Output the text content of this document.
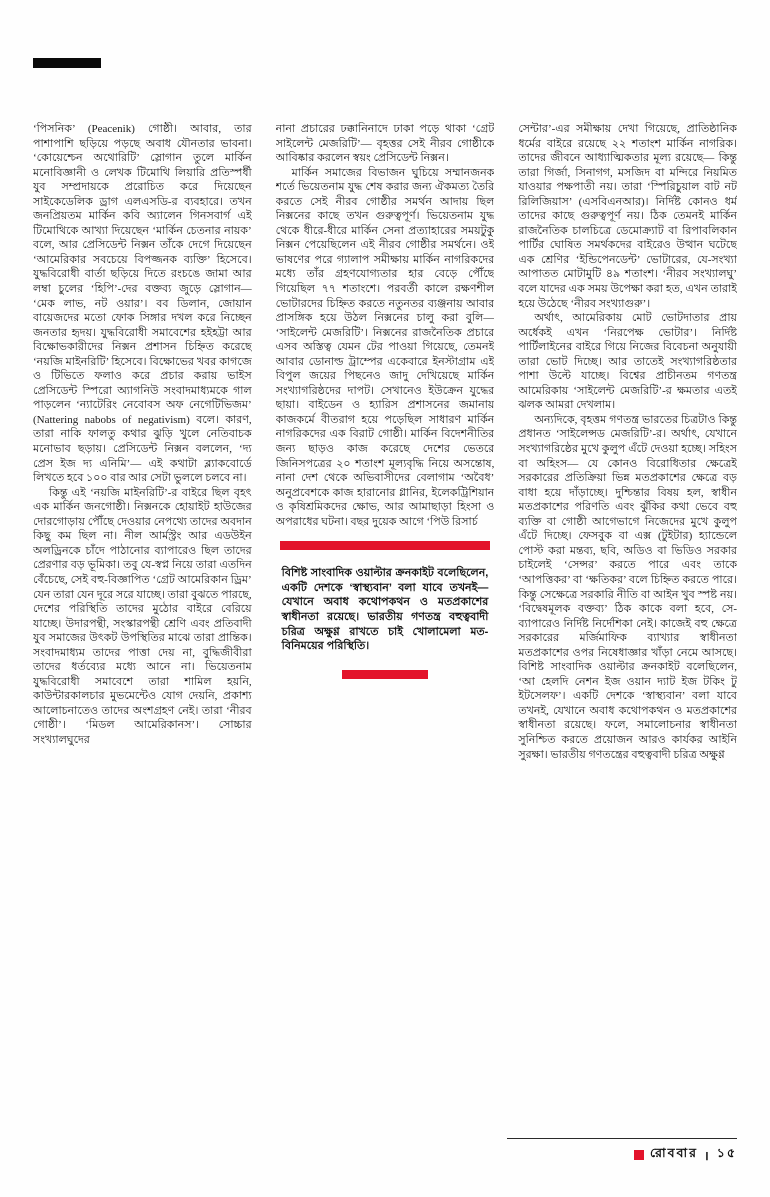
‘পিসনিক’ (Peacenik) গোষ্ঠী। আবার, তার পাশাপাশি ছড়িয়ে পড়ছে অবাধ যৌনতার ভাবনা। ‘কোয়েশ্চেন অথোরিটি’ স্লোগান তুলে মার্কিন মনোবিজ্ঞানী ও লেখক টিমোথি লিয়ারি প্রতিস্পর্ধী যুব সম্প্রদায়কে প্ররোচিত করে দিয়েছেন সাইকেডেলিক ড্রাগ এলএসডি-র ব্যবহারে। তখন জনপ্রিয়তম মার্কিন কবি অ্যালেন গিনসবার্গ এই টিমোথিকে আখ্যা দিয়েছেন ‘মার্কিন চেতনার নায়ক’ বলে, আর প্রেসিডেন্ট নিক্সন তাঁকে দেগে দিয়েছেন ‘আমেরিকার সবচেয়ে বিপজ্জনক ব্যক্তি’ হিসেবে। যুদ্ধবিরোধী বার্তা ছড়িয়ে দিতে রংচঙে জামা আর লম্বা চুলের ‘হিপি’-দের বক্তব্য জুড়ে স্লোগান— ‘মেক লাভ, নট ওয়ার’। বব ডিলান, জোয়ান বায়েজদের মতো ফোক সিঙ্গার দখল করে নিচ্ছেন জনতার হৃদয়। যুদ্ধবিরোধী সমাবেশের হইহট্টা আর বিক্ষোভকারীদের নিক্সন প্রশাসন চিহ্নিত করেছে ‘নয়জি মাইনরিটি’ হিসেবে। বিক্ষোভের খবর কাগজে ও টিভিতে ফলাও করে প্রচার করায় ভাইস প্রেসিডেন্ট স্পিরো অ্যাগনিউ সংবাদমাধ্যমকে গাল পাড়লেন ‘ন্যাটেরিং নেবোবস অফ নেগেটিভিজম’ (Nattering nabobs of negativism) বলে। কারণ, তারা নাকি ফালতু কথার ঝুড়ি খুলে নেতিবাচক মনোভাব ছড়ায়। প্রেসিডেন্ট নিক্সন বললেন, ‘দ্য প্রেস ইজ দ্য এনিমি’— এই কথাটা ব্ল্যাকবোর্ডে লিখতে হবে ১০০ বার আর সেটা ভুললে চলবে না।

কিন্তু এই ‘নয়জি মাইনরিটি’-র বাইরে ছিল বৃহৎ এক মার্কিন জনগোষ্ঠী। নিক্সনকে হোয়াইট হাউজের দোরগোড়ায় পৌঁছে দেওয়ার নেপথ্যে তাদের অবদান কিছু কম ছিল না। নীল আর্মস্ট্রং আর এডউইন অলড্রিনকে চাঁদে পাঠানোর ব্যাপারেও ছিল তাদের প্রেরণার বড় ভূমিকা। তবু যে-স্বপ্ন নিয়ে তারা এতদিন বেঁচেছে, সেই বহু-বিজ্ঞাপিত ‘গ্রেট আমেরিকান ড্রিম’ যেন তারা যেন দূরে সরে যাচ্ছে। তারা বুঝতে পারছে, দেশের পরিস্থিতি তাদের মুঠোর বাইরে বেরিয়ে যাচ্ছে। উদারপন্থী, সংস্কারপন্থী শ্রেণি এবং প্রতিবাদী যুব সমাজের উৎকট উপস্থিতির মাঝে তারা প্রান্তিক। সংবাদমাধ্যম তাদের পাত্তা দেয় না, বুদ্ধিজীবীরা তাদের ধর্তব্যের মধ্যে আনে না। ভিয়েতনাম যুদ্ধবিরোধী সমাবেশে তারা শামিল হয়নি, কাউন্টারকালচার মুভমেন্টেও যোগ দেয়নি, প্রকাশ্য আলোচনাতেও তাদের অংশগ্রহণ নেই। তারা ‘নীরব গোষ্ঠী’। ‘মিডল আমেরিকানস’। সোচ্চার সংখ্যালঘুদের

নানা প্রচারের ঢক্কানিনাদে ঢাকা পড়ে থাকা ‘গ্রেট সাইলেন্ট মেজরিটি’— বৃহত্তর সেই নীরব গোষ্ঠীকে আবিষ্কার করলেন স্বয়ং প্রেসিডেন্ট নিক্সন।

মার্কিন সমাজের বিভাজন ঘুচিয়ে সম্মানজনক শর্তে ভিয়েতনাম যুদ্ধ শেষ করার জন্য ঐকমত্য তৈরি করতে সেই নীরব গোষ্ঠীর সমর্থন আদায় ছিল নিক্সনের কাছে তখন গুরুত্বপূর্ণ। ভিয়েতনাম যুদ্ধ থেকে ধীরে-ধীরে মার্কিন সেনা প্রত্যাহারের সময়টুকু নিক্সন পেয়েছিলেন এই নীরব গোষ্ঠীর সমর্থনে। ওই ভাষণের পরে গ্যালাপ সমীক্ষায় মার্কিন নাগরিকদের মধ্যে তাঁর গ্রহণযোগ্যতার হার বেড়ে পৌঁছে গিয়েছিল ৭৭ শতাংশে। পরবর্তী কালে রক্ষণশীল ভোটারদের চিহ্নিত করতে নতুনতর ব্যঞ্জনায় আবার প্রাসঙ্গিক হয়ে উঠল নিক্সনের চালু করা বুলি— ‘সাইলেন্ট মেজরিটি’। নিক্সনের রাজনৈতিক প্রচারে এসব অস্তিত্ব যেমন টের পাওয়া গিয়েছে, তেমনই আবার ডোনাল্ড ট্রাম্পের একেবারে ইনস্টাগ্রাম এই বিপুল জয়ের পিছনেও জাদু দেখিয়েছে মার্কিন সংখ্যাগরিষ্ঠদের দাপট। সেখানেও ইউক্রেন যুদ্ধের ছায়া। বাইডেন ও হ্যারিস প্রশাসনের জমানায় কাজকর্মে বীতরাগ হয়ে পড়েছিল সাধারণ মার্কিন নাগরিকদের এক বিরাট গোষ্ঠী। মার্কিন বিদেশনীতির জন্য ছাড়ও কাজ করেছে দেশের ভেতরে জিনিসপত্রের ২০ শতাংশ মূল্যবৃদ্ধি নিয়ে অসন্তোষ, নানা দেশ থেকে অভিবাসীদের বেলাগাম ‘অবৈধ’ অনুপ্রবেশকে কাজ হারানোর গ্লানির, ইলেকট্রিশিয়ান ও কৃষিশ্রমিকদের ক্ষোভ, আর আমাছাড়া হিংসা ও অপরাধের ঘটনা। বছর দুয়েক আগে ‘পিউ রিসার্চ

বিশিষ্ট সাংবাদিক ওয়াল্টার ক্রনকাইট বলেছিলেন, একটি দেশকে ‘স্বাস্থ্যবান’ বলা যাবে তখনই— যেখানে অবাধ কথোপকথন ও মতপ্রকাশের স্বাধীনতা রয়েছে। ভারতীয় গণতন্ত্র বহুত্ববাদী চরিত্র অক্ষুণ্ণ রাখতে চাই খোলামেলা মত-বিনিময়ের পরিস্থিতি।

সেন্টার’-এর সমীক্ষায় দেখা গিয়েছে, প্রাতিষ্ঠানিক ধর্মের বাইরে রয়েছে ২২ শতাংশ মার্কিন নাগরিক। তাদের জীবনে আধ্যাত্মিকতার মূল্য রয়েছে— কিন্তু তারা গির্জা, সিনাগগ, মসজিদ বা মন্দিরে নিয়মিত যাওয়ার পক্ষপাতী নয়। তারা ‘স্পিরিচুয়াল বাট নট রিলিজিয়াস’ (এসবিএনআর)। নির্দিষ্ট কোনও ধর্ম তাদের কাছে গুরুত্বপূর্ণ নয়। ঠিক তেমনই মার্কিন রাজনৈতিক চালচিত্রে ডেমোক্র্যাট বা রিপাবলিকান পার্টির ঘোষিত সমর্থকদের বাইরেও উত্থান ঘটেছে এক শ্রেণির ‘ইন্ডিপেনডেন্ট’ ভোটারের, যে-সংখ্যা আপাতত মোটামুটি ৪৯ শতাংশ। ‘নীরব সংখ্যালঘু’ বলে যাদের এক সময় উপেক্ষা করা হত, এখন তারাই হয়ে উঠেছে ‘নীরব সংখ্যাগুরু’।

অর্থাৎ, আমেরিকায় মোট ভোটদাতার প্রায় অর্ধেকই এখন ‘নিরপেক্ষ ভোটার’। নির্দিষ্ট পার্টিলাইনের বাইরে গিয়ে নিজের বিবেচনা অনুযায়ী তারা ভোট দিচ্ছে। আর তাতেই সংখ্যাগরিষ্ঠতার পাশা উল্টে যাচ্ছে। বিশ্বের প্রাচীনতম গণতন্ত্র আমেরিকায় ‘সাইলেন্ট মেজরিটি’-র ক্ষমতার এতই ঝলক আমরা দেখলাম।

অন্যদিকে, বৃহত্তম গণতন্ত্র ভারতের চিত্রটাও কিন্তু প্রধানত ‘সাইলেন্সড মেজরিটি’-র। অর্থাৎ, যেখানে সংখ্যাগরিষ্ঠের মুখে কুলুপ এঁটে দেওয়া হচ্ছে। সহিংস বা অহিংস— যে কোনও বিরোধিতার ক্ষেত্রেই সরকারের প্রতিক্রিয়া ভিন্ন মতপ্রকাশের ক্ষেত্রে বড় বাধা হয়ে দাঁড়াচ্ছে। দুশ্চিন্তার বিষয় হল, স্বাধীন মতপ্রকাশের পরিণতি এবং ঝুঁকির কথা ভেবে বহু ব্যক্তি বা গোষ্ঠী আগেভাগে নিজেদের মুখে কুলুপ এঁটে দিচ্ছে। ফেসবুক বা এক্স (টুইটার) হ্যান্ডেলে পোস্ট করা মন্তব্য, ছবি, অডিও বা ভিডিও সরকার চাইলেই ‘সেন্সর’ করতে পারে এবং তাকে ‘আপত্তিকর’ বা ‘ক্ষতিকর’ বলে চিহ্নিত করতে পারে। কিন্তু সেক্ষেত্রে সরকারি নীতি বা আইন খুব স্পষ্ট নয়। ‘বিদ্বেষমূলক বক্তব্য’ ঠিক কাকে বলা হবে, সে-ব্যাপারেও নির্দিষ্ট নির্দেশিকা নেই। কাজেই বহু ক্ষেত্রে সরকারের মর্জিমাফিক ব্যাখ্যার স্বাধীনতা মতপ্রকাশের ওপর নিষেধাজ্ঞার খাঁড়া নেমে আসছে। বিশিষ্ট সাংবাদিক ওয়াল্টার ক্রনকাইট বলেছিলেন, ‘আ হেলদি নেশন ইজ ওয়ান দ্যাট ইজ টকিং টু ইটসেলফ’। একটি দেশকে ‘স্বাস্থ্যবান’ বলা যাবে তখনই, যেখানে অবাধ কথোপকথন ও মতপ্রকাশের স্বাধীনতা রয়েছে। ফলে, সমালোচনার স্বাধীনতা সুনিশ্চিত করতে প্রয়োজন আরও কার্যকর আইনি সুরক্ষা। ভারতীয় গণতন্ত্রের বহুত্ববাদী চরিত্র অক্ষুণ্ণ

রোববার । ১৫
